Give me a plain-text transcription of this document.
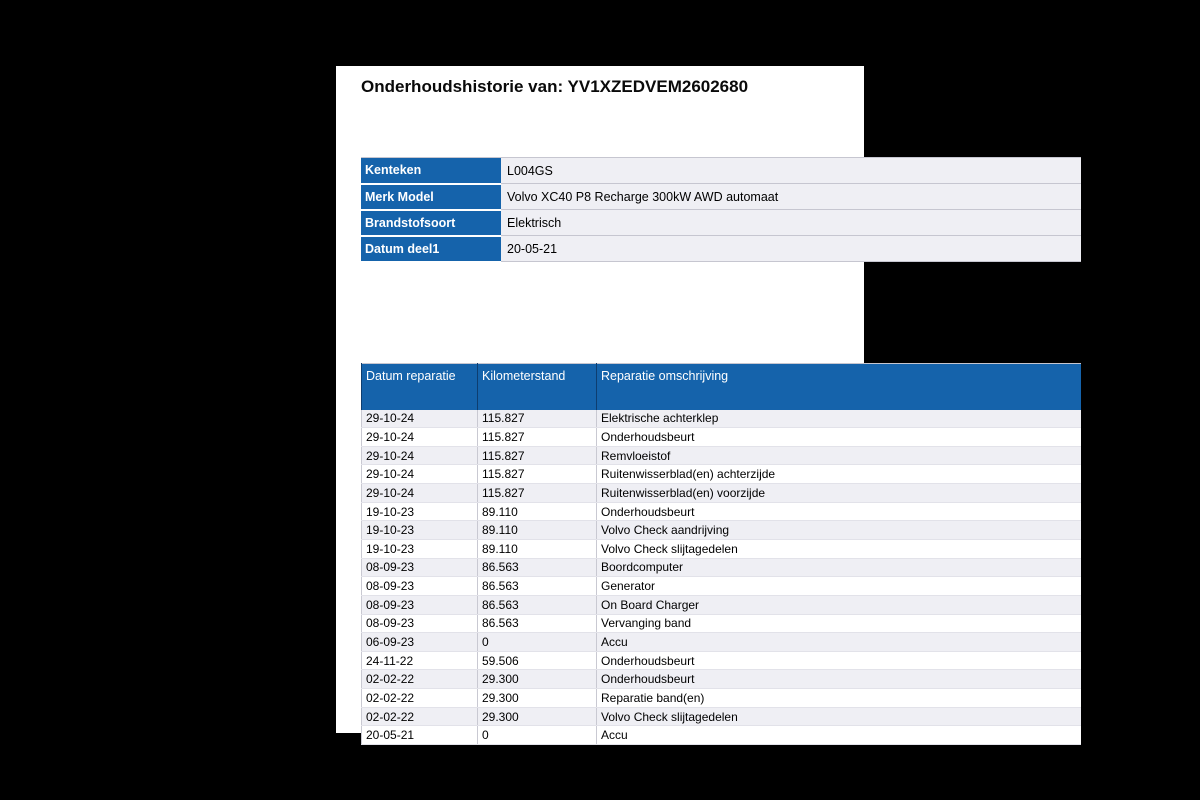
Onderhoudshistorie van: YV1XZEDVEM2602680
Kenteken	L004GS
Merk Model	Volvo XC40 P8 Recharge 300kW AWD automaat
Brandstofsoort	Elektrisch
Datum deel1	20-05-21
Datum reparatie	Kilometerstand	Reparatie omschrijving
29-10-24	115.827	Elektrische achterklep
29-10-24	115.827	Onderhoudsbeurt
29-10-24	115.827	Remvloeistof
29-10-24	115.827	Ruitenwisserblad(en) achterzijde
29-10-24	115.827	Ruitenwisserblad(en) voorzijde
19-10-23	89.110	Onderhoudsbeurt
19-10-23	89.110	Volvo Check aandrijving
19-10-23	89.110	Volvo Check slijtagedelen
08-09-23	86.563	Boordcomputer
08-09-23	86.563	Generator
08-09-23	86.563	On Board Charger
08-09-23	86.563	Vervanging band
06-09-23	0	Accu
24-11-22	59.506	Onderhoudsbeurt
02-02-22	29.300	Onderhoudsbeurt
02-02-22	29.300	Reparatie band(en)
02-02-22	29.300	Volvo Check slijtagedelen
20-05-21	0	Accu
